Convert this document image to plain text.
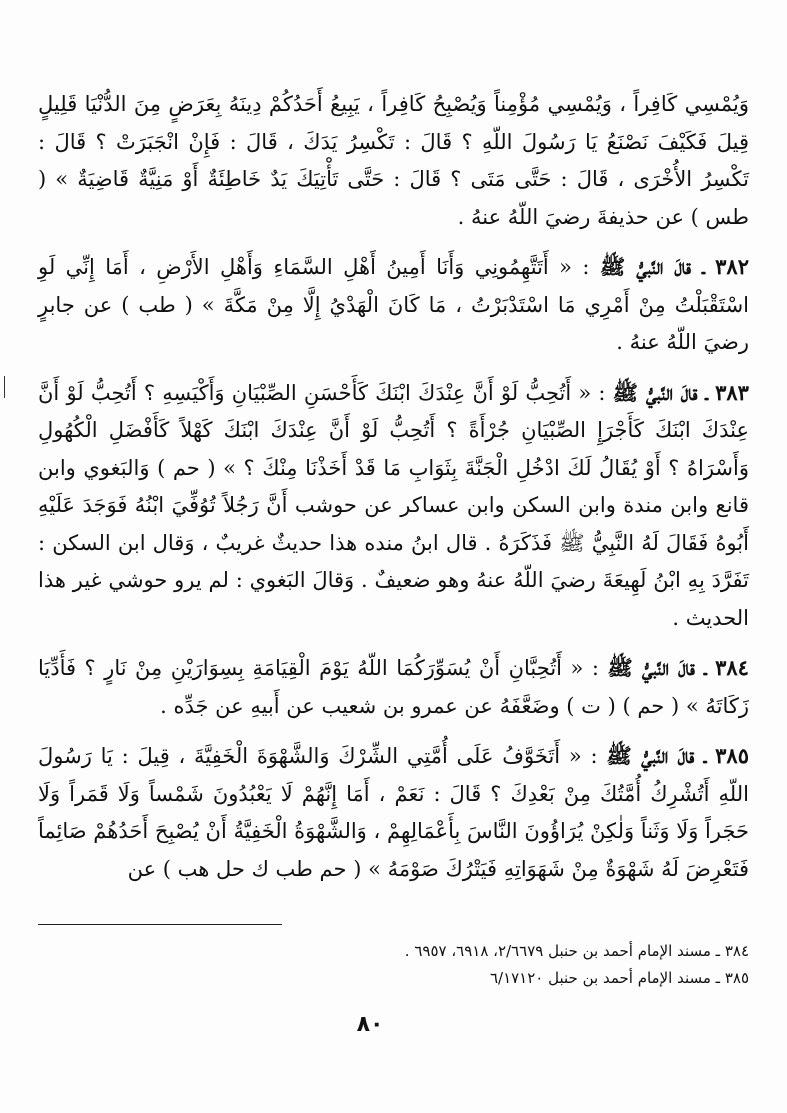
وَيُمْسِي كَافِراً ، وَيُمْسِي مُؤْمِناً وَيُصْبِحُ كَافِراً ، يَبِيعُ أَحَدُكُمْ دِينَهُ بِعَرَضٍ مِنَ الدُّنْيَا قَلِيلٍ قِيلَ فَكَيْفَ نَصْنَعُ يَا رَسُولَ اللّهِ ؟ قَالَ : تَكْسِرُ يَدَكَ ، قَالَ : فَإِنْ انْجَبَرَتْ ؟ قَالَ : تَكْسِرُ الأُخْرَى ، قَالَ : حَتَّى مَتَى ؟ قَالَ : حَتَّى تَأْتِيَكَ يَدٌ خَاطِئَةٌ أَوْ مَنِيَّةٌ قَاضِيَةٌ » ( طس ) عن حذيفةَ رضيَ اللّهُ عنهُ .

٣٨٢ ـ قالَ النَّبيُّ ﷺ : « أَتَتَّهِمُونِي وَأَنَا أَمِينُ أَهْلِ السَّمَاءِ وَأَهْلِ الأَرْضِ ، أَمَا إِنِّي لَوِ اسْتَقْبَلْتُ مِنْ أَمْرِي مَا اسْتَدْبَرْتُ ، مَا كَانَ الْهَدْيُ إِلَّا مِنْ مَكَّةَ » ( طب ) عن جابرٍ رضيَ اللّهُ عنهُ .

٣٨٣ ـ قالَ النَّبيُّ ﷺ : « أَتُحِبُّ لَوْ أَنَّ عِنْدَكَ ابْنَكَ كَأَحْسَنِ الصِّبْيَانِ وَأَكْيَسِهِ ؟ أَتُحِبُّ لَوْ أَنَّ عِنْدَكَ ابْنَكَ كَأَجْرَإِ الصِّبْيَانِ جُرْأَةً ؟ أَتُحِبُّ لَوْ أَنَّ عِنْدَكَ ابْنَكَ كَهْلاً كَأَفْضَلِ الْكُهُولِ وَأَسْرَاهُ ؟ أَوْ يُقَالُ لَكَ ادْخُلِ الْجَنَّةَ بِثَوَابِ مَا قَدْ أَخَذْنَا مِنْكَ ؟ » ( حم ) وَالبَغوي وابن قانع وابن مندة وابن السكن وابن عساكر عن حوشب أَنَّ رَجُلاً تُوُفِّيَ ابْنُهُ فَوَجَدَ عَلَيْهِ أَبُوهُ فَقَالَ لَهُ النَّبِيُّ ﷺ فَذَكَرَهُ . قال ابنُ منده هذا حديثٌ غريبٌ ، وَقال ابن السكن : تَفَرَّدَ بِهِ ابْنُ لَهِيعَةَ رضيَ اللّهُ عنهُ وهو ضعيفٌ . وَقالَ البَغوي : لم يرو حوشي غير هذا الحديث .

٣٨٤ ـ قالَ النَّبيُّ ﷺ : « أَتُحِبَّانِ أَنْ يُسَوِّرَكُمَا اللّهُ يَوْمَ الْقِيَامَةِ بِسِوَارَيْنِ مِنْ نَارٍ ؟ فَأَدِّيَا زَكَاتَهُ » ( حم ) ( ت ) وضَعَّفَهُ عن عمرو بن شعيب عن أَبيهِ عن جَدِّه .

٣٨٥ ـ قالَ النَّبيُّ ﷺ : « أَتَخَوَّفُ عَلَى أُمَّتِي الشِّرْكَ وَالشَّهْوَةَ الْخَفِيَّةَ ، قِيلَ : يَا رَسُولَ اللّهِ أَتُشْرِكُ أُمَّتُكَ مِنْ بَعْدِكَ ؟ قَالَ : نَعَمْ ، أَمَا إِنَّهُمْ لَا يَعْبُدُونَ شَمْساً وَلَا قَمَراً وَلَا حَجَراً وَلَا وَثَناً وَلٰكِنْ يُرَاؤُونَ النَّاسَ بِأَعْمَالِهِمْ ، وَالشَّهْوَةُ الْخَفِيَّةُ أَنْ يُصْبِحَ أَحَدُهُمْ صَائِماً فَتَعْرِضَ لَهُ شَهْوَةٌ مِنْ شَهَوَاتِهِ فَيَتْرُكَ صَوْمَهُ » ( حم طب ك حل هب ) عن

٣٨٤ ـ مسند الإمام أحمد بن حنبل ٢/٦٦٧٩، ٦٩١٨، ٦٩٥٧ .
٣٨٥ ـ مسند الإمام أحمد بن حنبل ٦/١٧١٢٠
٨٠
